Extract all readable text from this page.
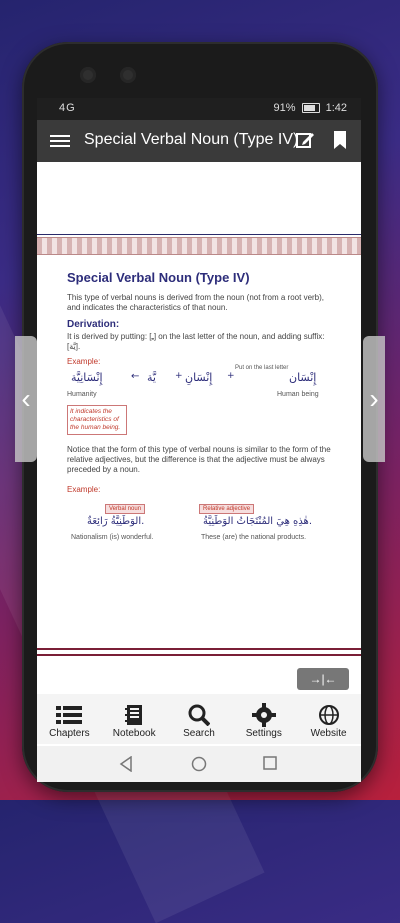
4G	91%	1:42
Special Verbal Noun (Type IV)
Special Verbal Noun (Type IV)

This type of verbal nouns is derived from the noun (not from a root verb), and indicates the characteristics of that noun.

Derivation:

It is derived by putting: [ـِ] on the last letter of the noun, and adding suffix: [يَّة].

Example:
إِنْسَانِيَّة	← يَّة + إِنْسَانِ +
Put on the last letter
إِنْسَان
Humanity	Human being
It indicates the characteristics of the human being.

Notice that the form of this type of verbal nouns is similar to the form of the relative adjectives, but the difference is that the adjective must be always preceded by a noun.

Example:
Verbal noun	Relative adjective
الوَطَنِيَّةُ رَائِعَةٌ.	هٰذِهِ هِيَ المُنْتَجَاتُ الوَطَنِيَّةُ.
Nationalism (is) wonderful.	These (are) the national products.
→|←
Chapters	Notebook	Search	Settings	Website
‹	›
